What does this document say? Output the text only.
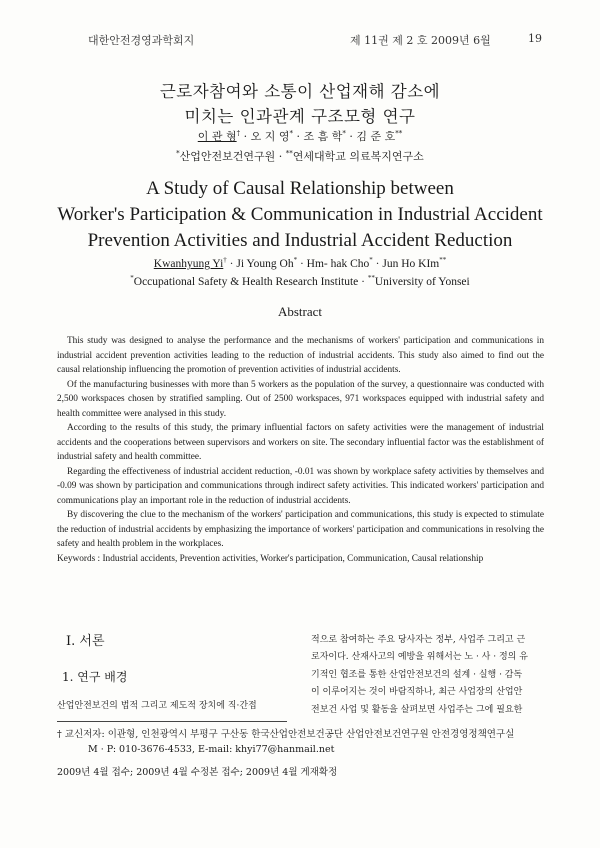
대한안전경영과학회지	제 11권 제 2 호 2009년 6월	19
근로자참여와 소통이 산업재해 감소에
미치는 인과관계 구조모형 연구
이 관 형† · 오 지 영* · 조 흠 학* · 김 준 호**
*산업안전보건연구원 · **연세대학교 의료복지연구소
A Study of Causal Relationship between
Worker's Participation & Communication in Industrial Accident
Prevention Activities and Industrial Accident Reduction
Kwanhyung Yi† · Ji Young Oh* · Hm- hak Cho* · Jun Ho KIm**
*Occupational Safety & Health Research Institute · **University of Yonsei
Abstract

This study was designed to analyse the performance and the mechanisms of workers' participation and communications in industrial accident prevention activities leading to the reduction of industrial accidents. This study also aimed to find out the causal relationship influencing the promotion of prevention activities of industrial accidents.

Of the manufacturing businesses with more than 5 workers as the population of the survey, a questionnaire was conducted with 2,500 workspaces chosen by stratified sampling. Out of 2500 workspaces, 971 workspaces equipped with industrial safety and health committee were analysed in this study.

According to the results of this study, the primary influential factors on safety activities were the management of industrial accidents and the cooperations between supervisors and workers on site. The secondary influential factor was the establishment of industrial safety and health committee.

Regarding the effectiveness of industrial accident reduction, -0.01 was shown by workplace safety activities by themselves and -0.09 was shown by participation and communications through indirect safety activities. This indicated workers' participation and communications play an important role in the reduction of industrial accidents.

By discovering the clue to the mechanism of the workers' participation and communications, this study is expected to stimulate the reduction of industrial accidents by emphasizing the importance of workers' participation and communications in resolving the safety and health problem in the workplaces.

Keywords : Industrial accidents, Prevention activities, Worker's participation, Communication, Causal relationship

Ⅰ. 서론
1. 연구 배경
산업안전보건의 법적 그리고 제도적 장치에 직·간접
적으로 참여하는 주요 당사자는 정부, 사업주 그리고 근
로자이다. 산재사고의 예방을 위해서는 노 · 사 · 정의 유
기적인 협조를 통한 산업안전보건의 설계 · 실행 · 감독
이 이루어지는 것이 바람직하나, 최근 사업장의 산업안
전보건 사업 및 활동을 살펴보면 사업주는 그에 필요한
† 교신저자: 이관형, 인천광역시 부평구 구산동 한국산업안전보건공단 산업안전보건연구원 안전경영정책연구실
M · P: 010-3676-4533, E-mail: khyi77@hanmail.net
2009년 4월 접수; 2009년 4월 수정본 접수; 2009년 4월 게재확정
